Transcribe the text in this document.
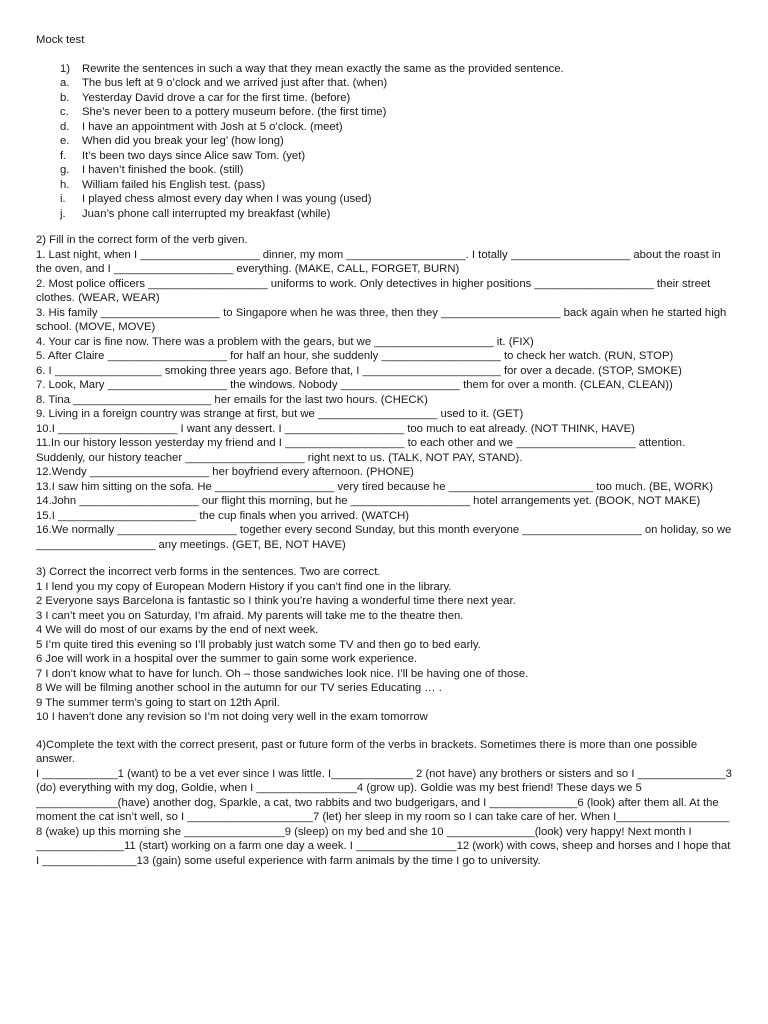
Mock test
1)	Rewrite the sentences in such a way that they mean exactly the same as the provided sentence.
a.	The bus left at 9 o’clock and we arrived just after that. (when)
b.	Yesterday David drove a car for the first time. (before)
c.	She’s never been to a pottery museum before. (the first time)
d.	I have an appointment with Josh at 5 o’clock. (meet)
e.	When did you break your leg’ (how long)
f.	It’s been two days since Alice saw Tom. (yet)
g.	I haven’t finished the book. (still)
h.	William failed his English test. (pass)
i.	I played chess almost every day when I was young (used)
j.	Juan’s phone call interrupted my breakfast (while)
2) Fill in the correct form of the verb given.
1. Last night, when I ___________________ dinner, my mom ___________________. I totally ___________________ about the roast in the oven, and I ___________________ everything. (MAKE, CALL, FORGET, BURN)
2. Most police officers ___________________ uniforms to work. Only detectives in higher positions ___________________ their street clothes. (WEAR, WEAR)
3. His family ___________________ to Singapore when he was three, then they ___________________ back again when he started high school. (MOVE, MOVE)
4. Your car is fine now. There was a problem with the gears, but we ___________________ it. (FIX)
5. After Claire ___________________ for half an hour, she suddenly ___________________ to check her watch. (RUN, STOP)
6. I _________________ smoking three years ago. Before that, I ______________________ for over a decade. (STOP, SMOKE)
7. Look, Mary ___________________ the windows. Nobody ___________________ them for over a month. (CLEAN, CLEAN))
8. Tina ______________________ her emails for the last two hours. (CHECK)
9. Living in a foreign country was strange at first, but we ___________________ used to it. (GET)
10.I ___________________ I want any dessert. I ___________________ too much to eat already. (NOT THINK, HAVE)
11.In our history lesson yesterday my friend and I ___________________ to each other and we ___________________ attention. Suddenly, our history teacher ___________________ right next to us. (TALK, NOT PAY, STAND).
12.Wendy ___________________ her boyfriend every afternoon. (PHONE)
13.I saw him sitting on the sofa. He ___________________ very tired because he _______________________ too much. (BE, WORK)
14.John ___________________ our flight this morning, but he ___________________ hotel arrangements yet. (BOOK, NOT MAKE)
15.I ______________________ the cup finals when you arrived. (WATCH)
16.We normally ___________________ together every second Sunday, but this month everyone ___________________ on holiday, so we ___________________ any meetings. (GET, BE, NOT HAVE)
3) Correct the incorrect verb forms in the sentences. Two are correct.
1 I lend you my copy of European Modern History if you can’t find one in the library.
2 Everyone says Barcelona is fantastic so I think you’re having a wonderful time there next year.
3 I can’t meet you on Saturday, I’m afraid. My parents will take me to the theatre then.
4 We will do most of our exams by the end of next week.
5 I’m quite tired this evening so I’ll probably just watch some TV and then go to bed early.
6 Joe will work in a hospital over the summer to gain some work experience.
7 I don’t know what to have for lunch. Oh – those sandwiches look nice. I’ll be having one of those.
8 We will be filming another school in the autumn for our TV series Educating … .
9 The summer term’s going to start on 12th April.
10 I haven’t done any revision so I’m not doing very well in the exam tomorrow
4)Complete the text with the correct present, past or future form of the verbs in brackets. Sometimes there is more than one possible answer.
I ____________1 (want) to be a vet ever since I was little. I_____________ 2 (not have) any brothers or sisters and so I ______________3 (do) everything with my dog, Goldie, when I ________________4 (grow up). Goldie was my best friend! These days we 5 _____________(have) another dog, Sparkle, a cat, two rabbits and two budgerigars, and I ______________6 (look) after them all. At the moment the cat isn’t well, so I ____________________7 (let) her sleep in my room so I can take care of her. When I__________________ 8 (wake) up this morning she ________________9 (sleep) on my bed and she 10 ______________(look) very happy! Next month I ______________11 (start) working on a farm one day a week. I ________________12 (work) with cows, sheep and horses and I hope that I _______________13 (gain) some useful experience with farm animals by the time I go to university.
